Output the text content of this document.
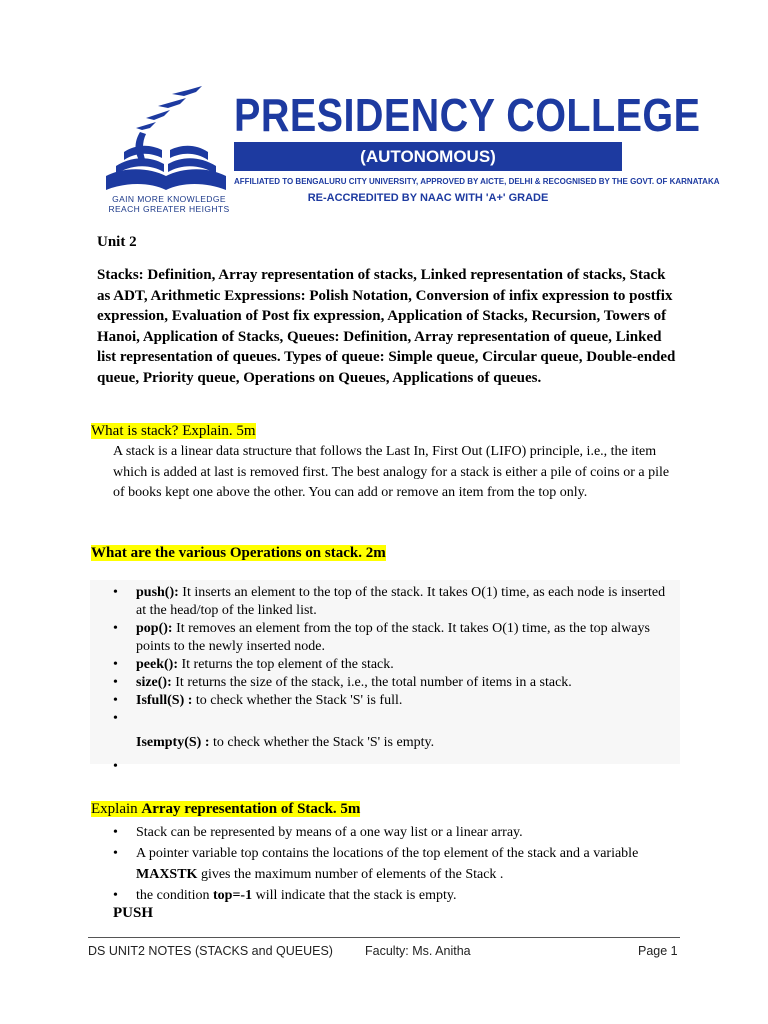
GAIN MORE KNOWLEDGE
REACH GREATER HEIGHTS
PRESIDENCY COLLEGE
(AUTONOMOUS)
AFFILIATED TO BENGALURU CITY UNIVERSITY, APPROVED BY AICTE, DELHI & RECOGNISED BY THE GOVT. OF KARNATAKA
RE-ACCREDITED BY NAAC WITH 'A+' GRADE
Unit 2
Stacks: Definition, Array representation of stacks, Linked representation of stacks, Stack as ADT, Arithmetic Expressions: Polish Notation, Conversion of infix expression to postfix expression, Evaluation of Post fix expression, Application of Stacks, Recursion, Towers of Hanoi, Application of Stacks, Queues: Definition, Array representation of queue, Linked list representation of queues. Types of queue: Simple queue, Circular queue, Double-ended queue, Priority queue, Operations on Queues, Applications of queues.
What is stack? Explain. 5m
A stack is a linear data structure that follows the Last In, First Out (LIFO) principle, i.e., the item which is added at last is removed first. The best analogy for a stack is either a pile of coins or a pile of books kept one above the other. You can add or remove an item from the top only.
What are the various Operations on stack. 2m
• push(): It inserts an element to the top of the stack. It takes O(1) time, as each node is inserted at the head/top of the linked list.
• pop(): It removes an element from the top of the stack. It takes O(1) time, as the top always points to the newly inserted node.
• peek(): It returns the top element of the stack.
• size(): It returns the size of the stack, i.e., the total number of items in a stack.
• Isfull(S) : to check whether the Stack 'S' is full.
•

Isempty(S) : to check whether the Stack 'S' is empty.
•

Explain Array representation of Stack. 5m
• Stack can be represented by means of a one way list or a linear array.
• A pointer variable top contains the locations of the top element of the stack and a variable MAXSTK gives the maximum number of elements of the Stack .
• the condition top=-1 will indicate that the stack is empty.
PUSH
DS UNIT2 NOTES (STACKS and QUEUES)	Faculty: Ms. Anitha	Page 1
